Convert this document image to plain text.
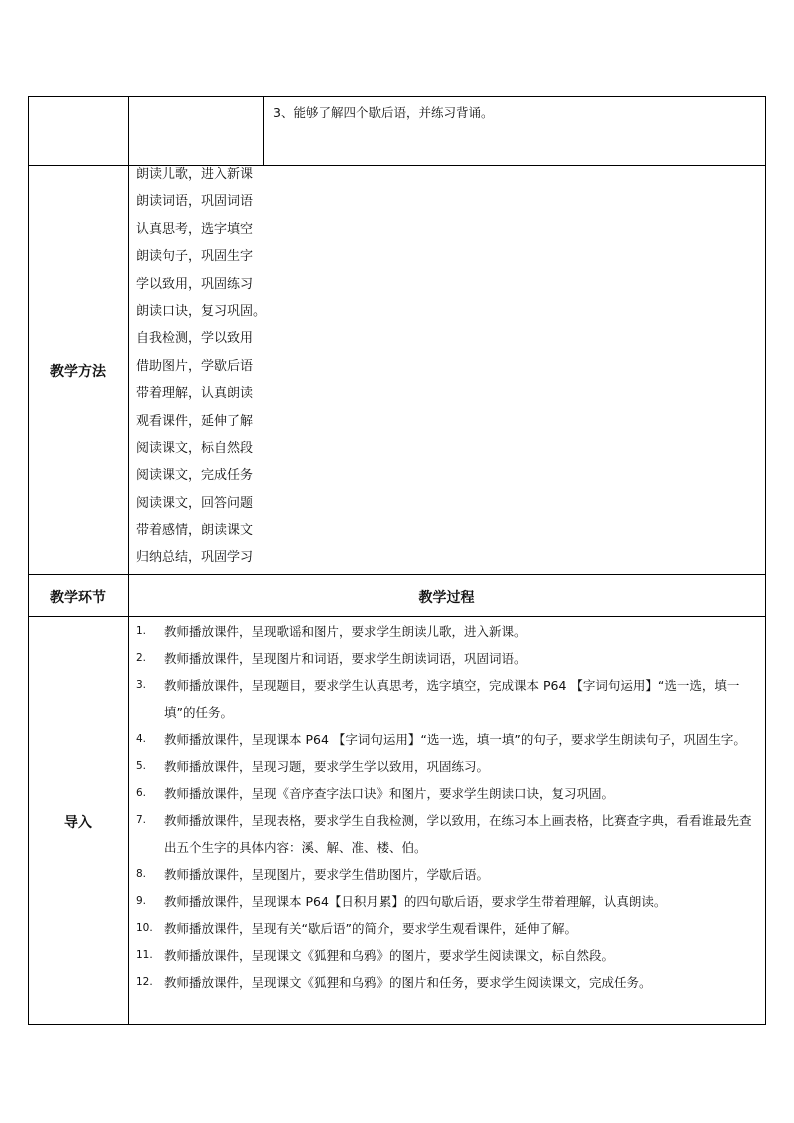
3、能够了解四个歇后语，并练习背诵。
教学方法
朗读儿歌，进入新课
朗读词语，巩固词语
认真思考，选字填空
朗读句子，巩固生字
学以致用，巩固练习
朗读口诀，复习巩固。
自我检测，学以致用
借助图片，学歇后语
带着理解，认真朗读
观看课件，延伸了解
阅读课文，标自然段
阅读课文，完成任务
阅读课文，回答问题
带着感情，朗读课文
归纳总结，巩固学习
教学环节	教学过程
导入
1.	教师播放课件，呈现歌谣和图片，要求学生朗读儿歌，进入新课。
2.	教师播放课件，呈现图片和词语，要求学生朗读词语，巩固词语。
3.	教师播放课件，呈现题目，要求学生认真思考，选字填空，完成课本 P64 【字词句运用】“选一选，填一填”的任务。
4.	教师播放课件，呈现课本 P64 【字词句运用】“选一选，填一填”的句子，要求学生朗读句子，巩固生字。
5.	教师播放课件，呈现习题，要求学生学以致用，巩固练习。
6.	教师播放课件，呈现《音序查字法口诀》和图片，要求学生朗读口诀，复习巩固。
7.	教师播放课件，呈现表格，要求学生自我检测，学以致用，在练习本上画表格，比赛查字典，看看谁最先查出五个生字的具体内容：溪、解、准、楼、伯。
8.	教师播放课件，呈现图片，要求学生借助图片，学歇后语。
9.	教师播放课件，呈现课本 P64【日积月累】的四句歇后语，要求学生带着理解，认真朗读。
10. 教师播放课件，呈现有关“歇后语”的简介，要求学生观看课件，延伸了解。
11. 教师播放课件，呈现课文《狐狸和乌鸦》的图片，要求学生阅读课文，标自然段。
12. 教师播放课件，呈现课文《狐狸和乌鸦》的图片和任务，要求学生阅读课文，完成任务。
